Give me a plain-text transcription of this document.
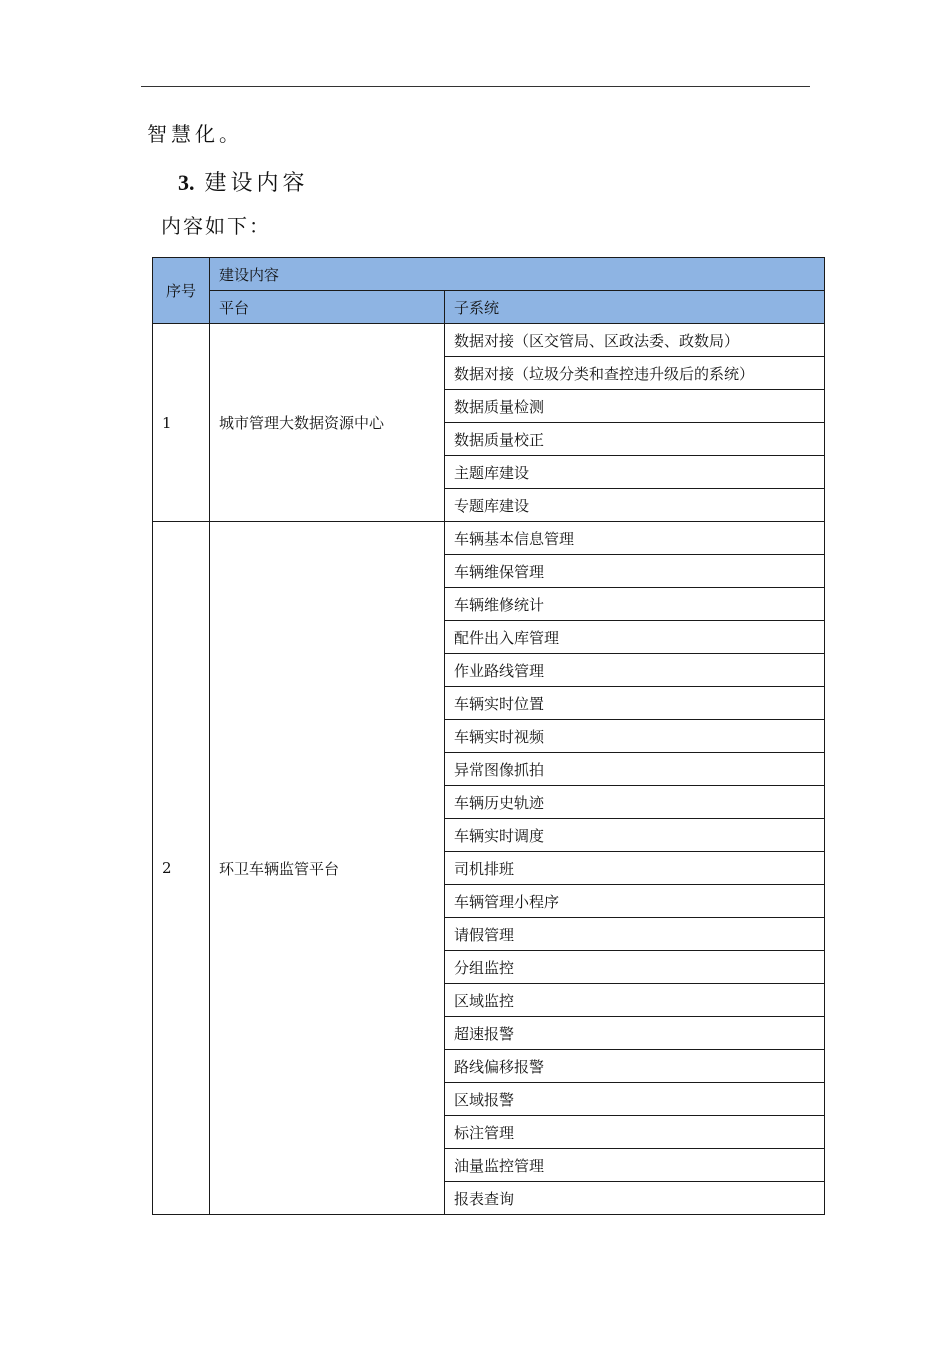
智慧化。
3. 建设内容
内容如下：
序号	建设内容	
	平台	子系统
1	城市管理大数据资源中心	数据对接（区交管局、区政法委、政数局）
		数据对接（垃圾分类和查控违升级后的系统）
		数据质量检测
		数据质量校正
		主题库建设
		专题库建设
2	环卫车辆监管平台	车辆基本信息管理
		车辆维保管理
		车辆维修统计
		配件出入库管理
		作业路线管理
		车辆实时位置
		车辆实时视频
		异常图像抓拍
		车辆历史轨迹
		车辆实时调度
		司机排班
		车辆管理小程序
		请假管理
		分组监控
		区域监控
		超速报警
		路线偏移报警
		区域报警
		标注管理
		油量监控管理
		报表查询
